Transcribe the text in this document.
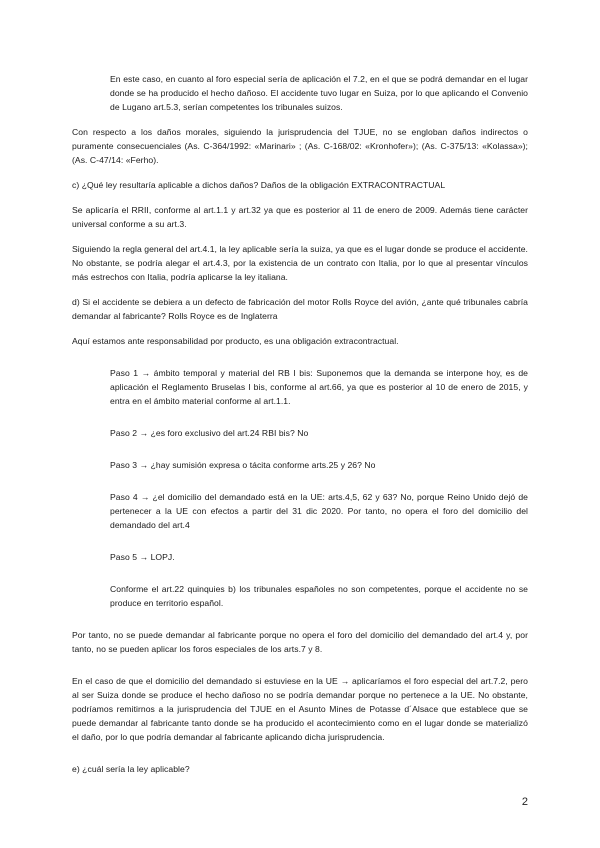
En este caso, en cuanto al foro especial sería de aplicación el 7.2, en el que se podrá demandar en el lugar donde se ha producido el hecho dañoso. El accidente tuvo lugar en Suiza, por lo que aplicando el Convenio de Lugano art.5.3, serían competentes los tribunales suizos.

Con respecto a los daños morales, siguiendo la jurisprudencia del TJUE, no se engloban daños indirectos o puramente consecuenciales (As. C-364/1992: «Marinari» ; (As. C-168/02: «Kronhofer»); (As. C-375/13: «Kolassa»); (As. C-47/14: «Ferho).

c) ¿Qué ley resultaría aplicable a dichos daños? Daños de la obligación EXTRACONTRACTUAL

Se aplicaría el RRII, conforme al art.1.1 y art.32 ya que es posterior al 11 de enero de 2009. Además tiene carácter universal conforme a su art.3.

Siguiendo la regla general del art.4.1, la ley aplicable sería la suiza, ya que es el lugar donde se produce el accidente. No obstante, se podría alegar el art.4.3, por la existencia de un contrato con Italia, por lo que al presentar vínculos más estrechos con Italia, podría aplicarse la ley italiana.

d) Si el accidente se debiera a un defecto de fabricación del motor Rolls Royce del avión, ¿ante qué tribunales cabría demandar al fabricante? Rolls Royce es de Inglaterra

Aquí estamos ante responsabilidad por producto, es una obligación extracontractual.

Paso 1 → ámbito temporal y material del RB I bis: Suponemos que la demanda se interpone hoy, es de aplicación el Reglamento Bruselas I bis, conforme al art.66, ya que es posterior al 10 de enero de 2015, y entra en el ámbito material conforme al art.1.1.

Paso 2 → ¿es foro exclusivo del art.24 RBI bis? No

Paso 3 → ¿hay sumisión expresa o tácita conforme arts.25 y 26? No

Paso 4 → ¿el domicilio del demandado está en la UE: arts.4,5, 62 y 63? No, porque Reino Unido dejó de pertenecer a la UE con efectos a partir del 31 dic 2020. Por tanto, no opera el foro del domicilio del demandado del art.4

Paso 5 → LOPJ.

Conforme el art.22 quinquies b) los tribunales españoles no son competentes, porque el accidente no se produce en territorio español.

Por tanto, no se puede demandar al fabricante porque no opera el foro del domicilio del demandado del art.4 y, por tanto, no se pueden aplicar los foros especiales de los arts.7 y 8.

En el caso de que el domicilio del demandado si estuviese en la UE → aplicaríamos el foro especial del art.7.2, pero al ser Suiza donde se produce el hecho dañoso no se podría demandar porque no pertenece a la UE. No obstante, podríamos remitirnos a la jurisprudencia del TJUE en el Asunto Mines de Potasse d´Alsace que establece que se puede demandar al fabricante tanto donde se ha producido el acontecimiento como en el lugar donde se materializó el daño, por lo que podría demandar al fabricante aplicando dicha jurisprudencia.

e) ¿cuál sería la ley aplicable?

2
